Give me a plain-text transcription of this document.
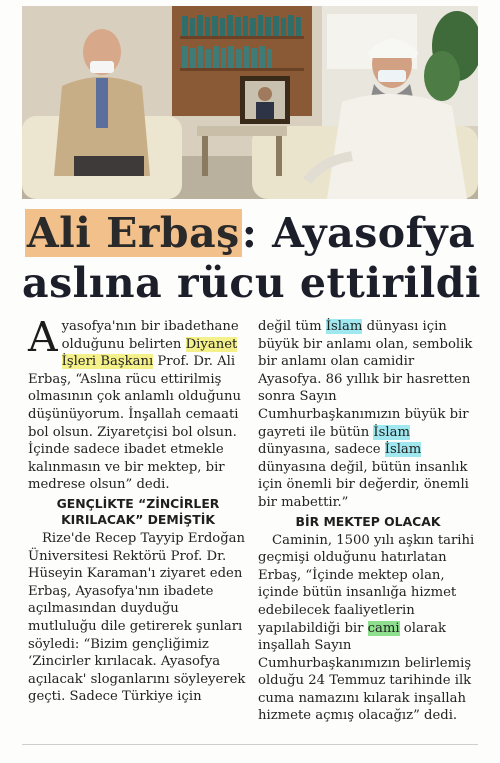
Ali Erbaş: Ayasofya
aslına rücu ettirildi

Ayasofya'nın bir ibadethane olduğunu belirten Diyanet İşleri Başkanı Prof. Dr. Ali Erbaş, “Aslına rücu ettirilmiş olmasının çok anlamlı olduğunu düşünüyorum. İnşallah cemaati bol olsun. Ziyaretçisi bol olsun. İçinde sadece ibadet etmekle kalınmasın ve bir mektep, bir medrese olsun” dedi.

GENÇLİKTE “ZİNCİRLER KIRILACAK” DEMİŞTİK

Rize'de Recep Tayyip Erdoğan Üniversitesi Rektörü Prof. Dr. Hüseyin Karaman'ı ziyaret eden Erbaş, Ayasofya'nın ibadete açılmasından duyduğu mutluluğu dile getirerek şunları söyledi: “Bizim gençliğimiz ‘Zincirler kırılacak. Ayasofya açılacak' sloganlarını söyleyerek geçti. Sadece Türkiye için

değil tüm İslam dünyası için büyük bir anlamı olan, sembolik bir anlamı olan camidir Ayasofya. 86 yıllık bir hasretten sonra Sayın Cumhurbaşkanımızın büyük bir gayreti ile bütün İslam dünyasına, sadece İslam dünyasına değil, bütün insanlık için önemli bir değerdir, önemli bir mabettir.”

BİR MEKTEP OLACAK

Caminin, 1500 yılı aşkın tarihi geçmişi olduğunu hatırlatan Erbaş, “İçinde mektep olan, içinde bütün insanlığa hizmet edebilecek faaliyetlerin yapılabildiği bir cami olarak inşallah Sayın Cumhurbaşkanımızın belirlemiş olduğu 24 Temmuz tarihinde ilk cuma namazını kılarak inşallah hizmete açmış olacağız” dedi.
